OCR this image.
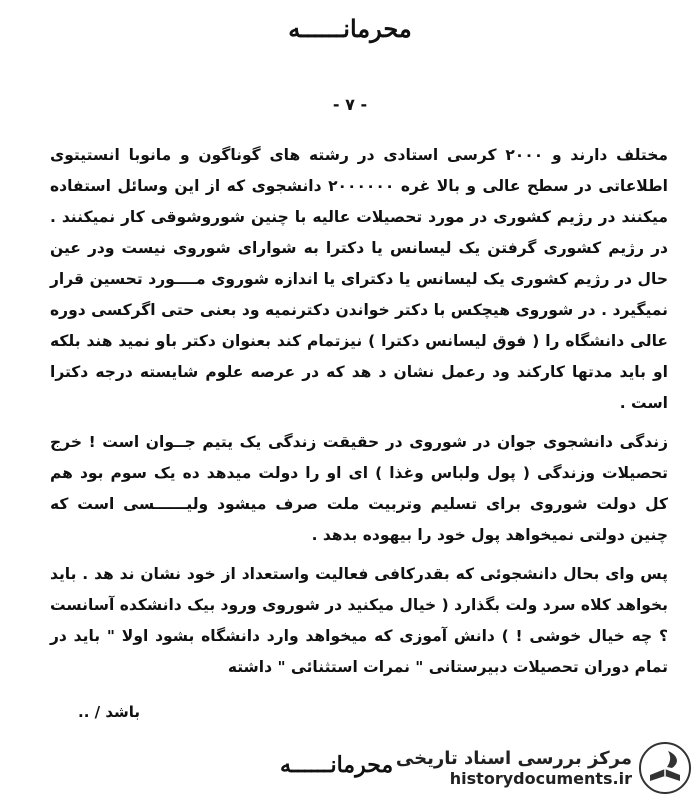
محرمانــــــه
- ۷ -

مختلف دارند و ۲۰۰۰ کرسی استادی در رشته های گوناگون و مانوبا انستیتوی اطلاعاتی در سطح عالی و بالا غره ۲۰۰۰۰۰۰ دانشجوی که از این وسائل استفاده میکنند در رژیم کشوری در مورد تحصیلات عالیه با چنین شوروشوقی کار نمیکنند . در رژیم کشوری گرفتن یک لیسانس یا دکترا به شوارای شوروی نیست ودر عین حال در رژیم کشوری یک لیسانس یا دکترای یا اندازه شوروی مــــورد تحسین قرار نمیگیرد . در شوروی هیچکس با دکتر خواندن دکترنمیه ود بعنی حتی اگرکسی دوره عالی دانشگاه را ( فوق لیسانس دکترا ) نیزتمام کند بعنوان دکتر باو نمید هند بلکه او باید مدتها کارکند ود رعمل نشان د هد که در عرصه علوم شایسته درجه دکترا است .

زندگی دانشجوی جوان در شوروی در حقیقت زندگی یک یتیم جــوان است ! خرج تحصیلات وزندگی ( پول ولباس وغذا ) ای او را دولت میدهد ده یک سوم بود هم کل دولت شوروی برای تسلیم وتربیت ملت صرف میشود ولیــــــسی است که چنین دولتی نمیخواهد پول خود را بیهوده بدهد .

پس وای بحال دانشجوئی که بقدرکافی فعالیت واستعداد از خود نشان ند هد . باید بخواهد کلاه سرد ولت بگذارد ( خیال میکنید در شوروی ورود بیک دانشکده آسانست ؟ چه خیال خوشی ! ) دانش آموزی که میخواهد وارد دانشگاه بشود اولا " باید در تمام دوران تحصیلات دبیرستانی " نمرات استثنائی " داشته

باشد / ..
محرمانــــــه مرکز بررسی اسناد تاریخی
historydocuments.ir
